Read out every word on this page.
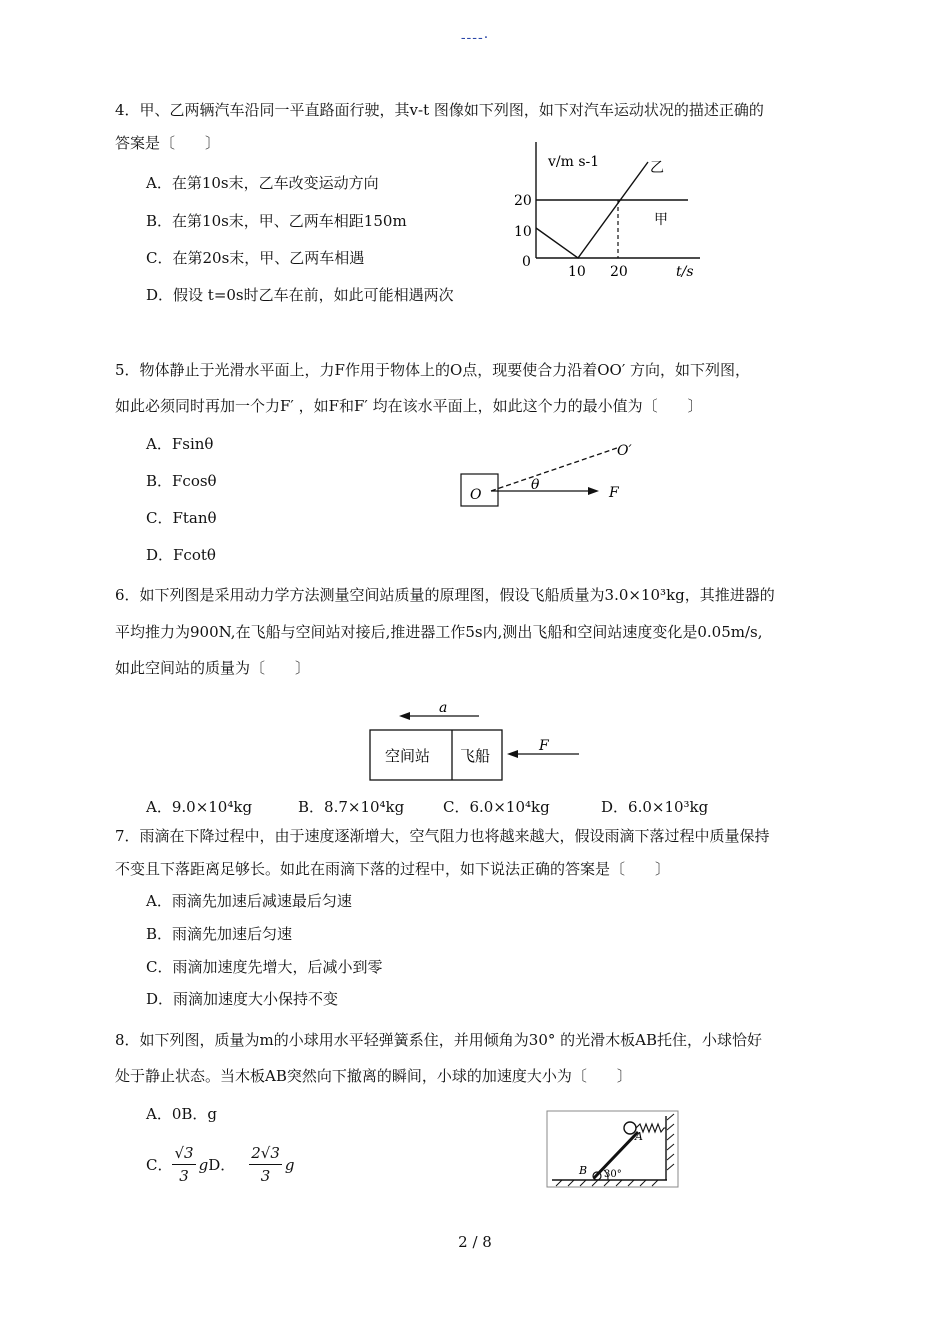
----·
4．甲、乙两辆汽车沿同一平直路面行驶，其v-t 图像如下列图，如下对汽车运动状况的描述正确的
答案是〔　　〕
A．在第10s末，乙车改变运动方向
B．在第10s末，甲、乙两车相距150m
C．在第20s末，甲、乙两车相遇
D．假设 t=0s时乙车在前，如此可能相遇两次
v/m s-1	乙
甲
20
10
0
10 20	t/s
5．物体静止于光滑水平面上，力F作用于物体上的O点，现要使合力沿着OO′ 方向，如下列图，
如此必须同时再加一个力F′ ，如F和F′ 均在该水平面上，如此这个力的最小值为〔　　〕
A．Fsinθ
B．Fcosθ
C．Ftanθ
D．Fcotθ
O
O′
θ	F
6．如下列图是采用动力学方法测量空间站质量的原理图，假设飞船质量为3.0×10³kg，其推进器的
平均推力为900N,在飞船与空间站对接后,推进器工作5s内,测出飞船和空间站速度变化是0.05m/s,
如此空间站的质量为〔　　〕
a
空间站 飞船
F
A．9.0×10⁴kg	B．8.7×10⁴kg	C．6.0×10⁴kg	D．6.0×10³kg
7．雨滴在下降过程中，由于速度逐渐增大，空气阻力也将越来越大，假设雨滴下落过程中质量保持
不变且下落距离足够长。如此在雨滴下落的过程中，如下说法正确的答案是〔　　〕
A．雨滴先加速后减速最后匀速
B．雨滴先加速后匀速
C．雨滴加速度先增大，后减小到零
D．雨滴加速度大小保持不变
8．如下列图，质量为m的小球用水平轻弹簧系住，并用倾角为30° 的光滑木板AB托住，小球恰好
处于静止状态。当木板AB突然向下撤离的瞬间，小球的加速度大小为〔　　〕
A．0B．g
C． $\frac{√3}{3}$ g D． $\frac{2√3}{3}$ g
A
B 30°
2 / 8
